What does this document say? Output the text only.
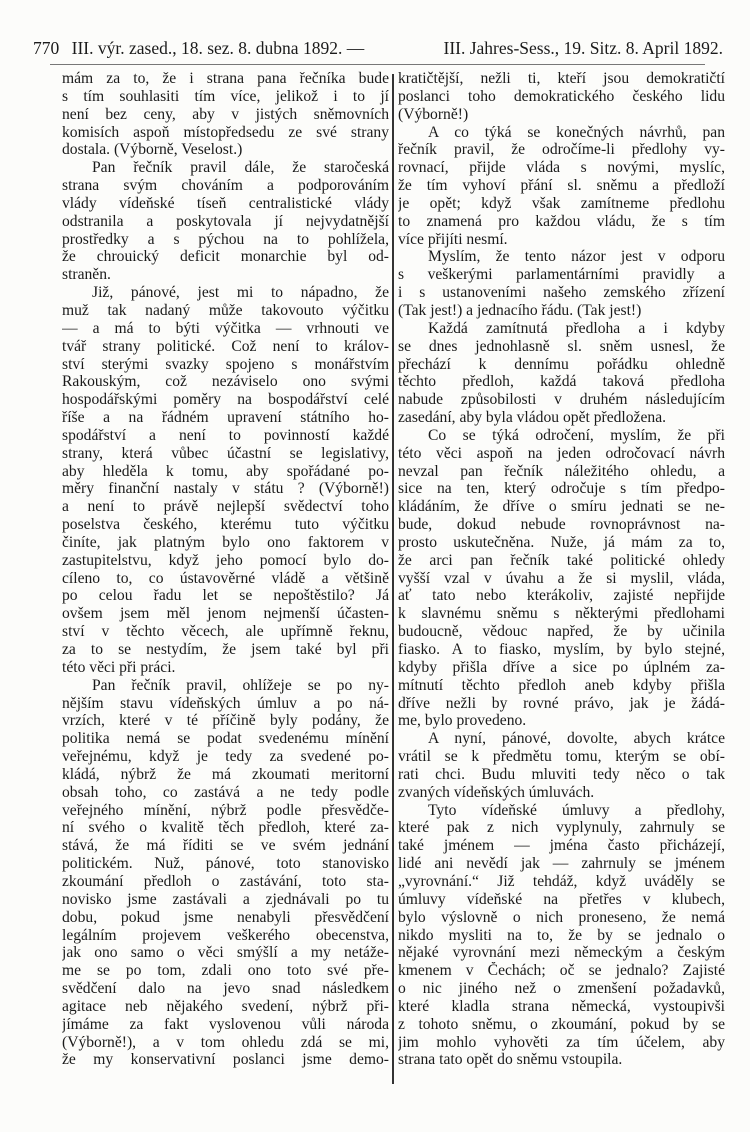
770 III. výr. zased., 18. sez. 8. dubna 1892. —	III. Jahres-Sess., 19. Sitz. 8. April 1892.
mám za to, že i strana pana řečníka bude
s tím souhlasiti tím více, jelikož i to jí
není bez ceny, aby v jistých sněmovních
komisích aspoň místopředsedu ze své strany
dostala. (Výborně, Veselost.)
Pan řečník pravil dále, že staročeská
strana svým chováním a podporováním
vlády vídeňské tíseň centralistické vlády
odstranila a poskytovala jí nejvydatnější
prostředky a s pýchou na to pohlížela,
že chrouický deficit monarchie byl od-
straněn.
Již, pánové, jest mi to nápadno, že
muž tak nadaný může takovouto výčitku
— a má to býti výčitka — vrhnouti ve
tvář strany politické. Což není to králov-
ství sterými svazky spojeno s monářstvím
Rakouským, což nezáviselo ono svými
hospodářskými poměry na bospodářství celé
říše a na řádném upravení státního ho-
spodářství a není to povinností každé
strany, která vůbec účastní se legislativy,
aby hleděla k tomu, aby spořádané po-
měry finanční nastaly v státu ? (Výborně!)
a není to právě nejlepší svědectví toho
poselstva českého, kterému tuto výčitku
činíte, jak platným bylo ono faktorem v
zastupitelstvu, když jeho pomocí bylo do-
cíleno to, co ústavověrné vládě a většině
po celou řadu let se nepoštěstilo? Já
ovšem jsem měl jenom nejmenší účasten-
ství v těchto věcech, ale upřímně řeknu,
za to se nestydím, že jsem také byl při
této věci při práci.
Pan řečník pravil, ohlížeje se po ny-
nějším stavu vídeňských úmluv a po ná-
vrzích, které v té příčině byly podány, že
politika nemá se podat svedenému mínění
veřejnému, když je tedy za svedené po-
kládá, nýbrž že má zkoumati meritorní
obsah toho, co zastává a ne tedy podle
veřejného mínění, nýbrž podle přesvědče-
ní svého o kvalitě těch předloh, které za-
stává, že má říditi se ve svém jednání
politickém. Nuž, pánové, toto stanovisko
zkoumání předloh o zastávání, toto sta-
novisko jsme zastávali a zjednávali po tu
dobu, pokud jsme nenabyli přesvědčení
legálním projevem veškerého obecenstva,
jak ono samo o věci smýšlí a my netáže-
me se po tom, zdali ono toto své pře-
svědčení dalo na jevo snad následkem
agitace neb nějakého svedení, nýbrž při-
jímáme za fakt vyslovenou vůli národa
(Výborně!), a v tom ohledu zdá se mi,
že my konservativní poslanci jsme demo-
kratičtější, nežli ti, kteří jsou demokratičtí
poslanci toho demokratického českého lidu
(Výborně!)
A co týká se konečných návrhů, pan
řečník pravil, že odročíme-li předlohy vy-
rovnací, přijde vláda s novými, myslíc,
že tím vyhoví přání sl. sněmu a předloží
je opět; když však zamítneme předlohu
to znamená pro každou vládu, že s tím
více přijíti nesmí.
Myslím, že tento názor jest v odporu
s veškerými parlamentárními pravidly a
i s ustanoveními našeho zemského zřízení
(Tak jest!) a jednacího řádu. (Tak jest!)
Každá zamítnutá předloha a i kdyby
se dnes jednohlasně sl. sněm usnesl, že
přechází k dennímu pořádku ohledně
těchto předloh, každá taková předloha
nabude způsobilosti v druhém následujícím
zasedání, aby byla vládou opět předložena.
Co se týká odročení, myslím, že při
této věci aspoň na jeden odročovací návrh
nevzal pan řečník náležitého ohledu, a
sice na ten, který odročuje s tím předpo-
kládáním, že dříve o smíru jednati se ne-
bude, dokud nebude rovnoprávnost na-
prosto uskutečněna. Nuže, já mám za to,
že arci pan řečník také politické ohledy
vyšší vzal v úvahu a že si myslil, vláda,
ať tato nebo kterákoliv, zajisté nepřijde
k slavnému sněmu s některými předlohami
budoucně, vědouc napřed, že by učinila
fiasko. A to fiasko, myslím, by bylo stejné,
kdyby přišla dříve a sice po úplném za-
mítnutí těchto předloh aneb kdyby přišla
dříve nežli by rovné právo, jak je žádá-
me, bylo provedeno.
A nyní, pánové, dovolte, abych krátce
vrátil se k předmětu tomu, kterým se obí-
rati chci. Budu mluviti tedy něco o tak
zvaných vídeňských úmluvách.
Tyto vídeňské úmluvy a předlohy,
které pak z nich vyplynuly, zahrnuly se
také jménem — jména často přicházejí,
lidé ani nevědí jak — zahrnuly se jménem
„vyrovnání.“ Již tehdáž, když uváděly se
úmluvy vídeňské na přetřes v klubech,
bylo výslovně o nich proneseno, že nemá
nikdo mysliti na to, že by se jednalo o
nějaké vyrovnání mezi německým a českým
kmenem v Čechách; oč se jednalo? Zajisté
o nic jiného než o zmenšení požadavků,
které kladla strana německá, vystoupivši
z tohoto sněmu, o zkoumání, pokud by se
jim mohlo vyhověti za tím účelem, aby
strana tato opět do sněmu vstoupila.
